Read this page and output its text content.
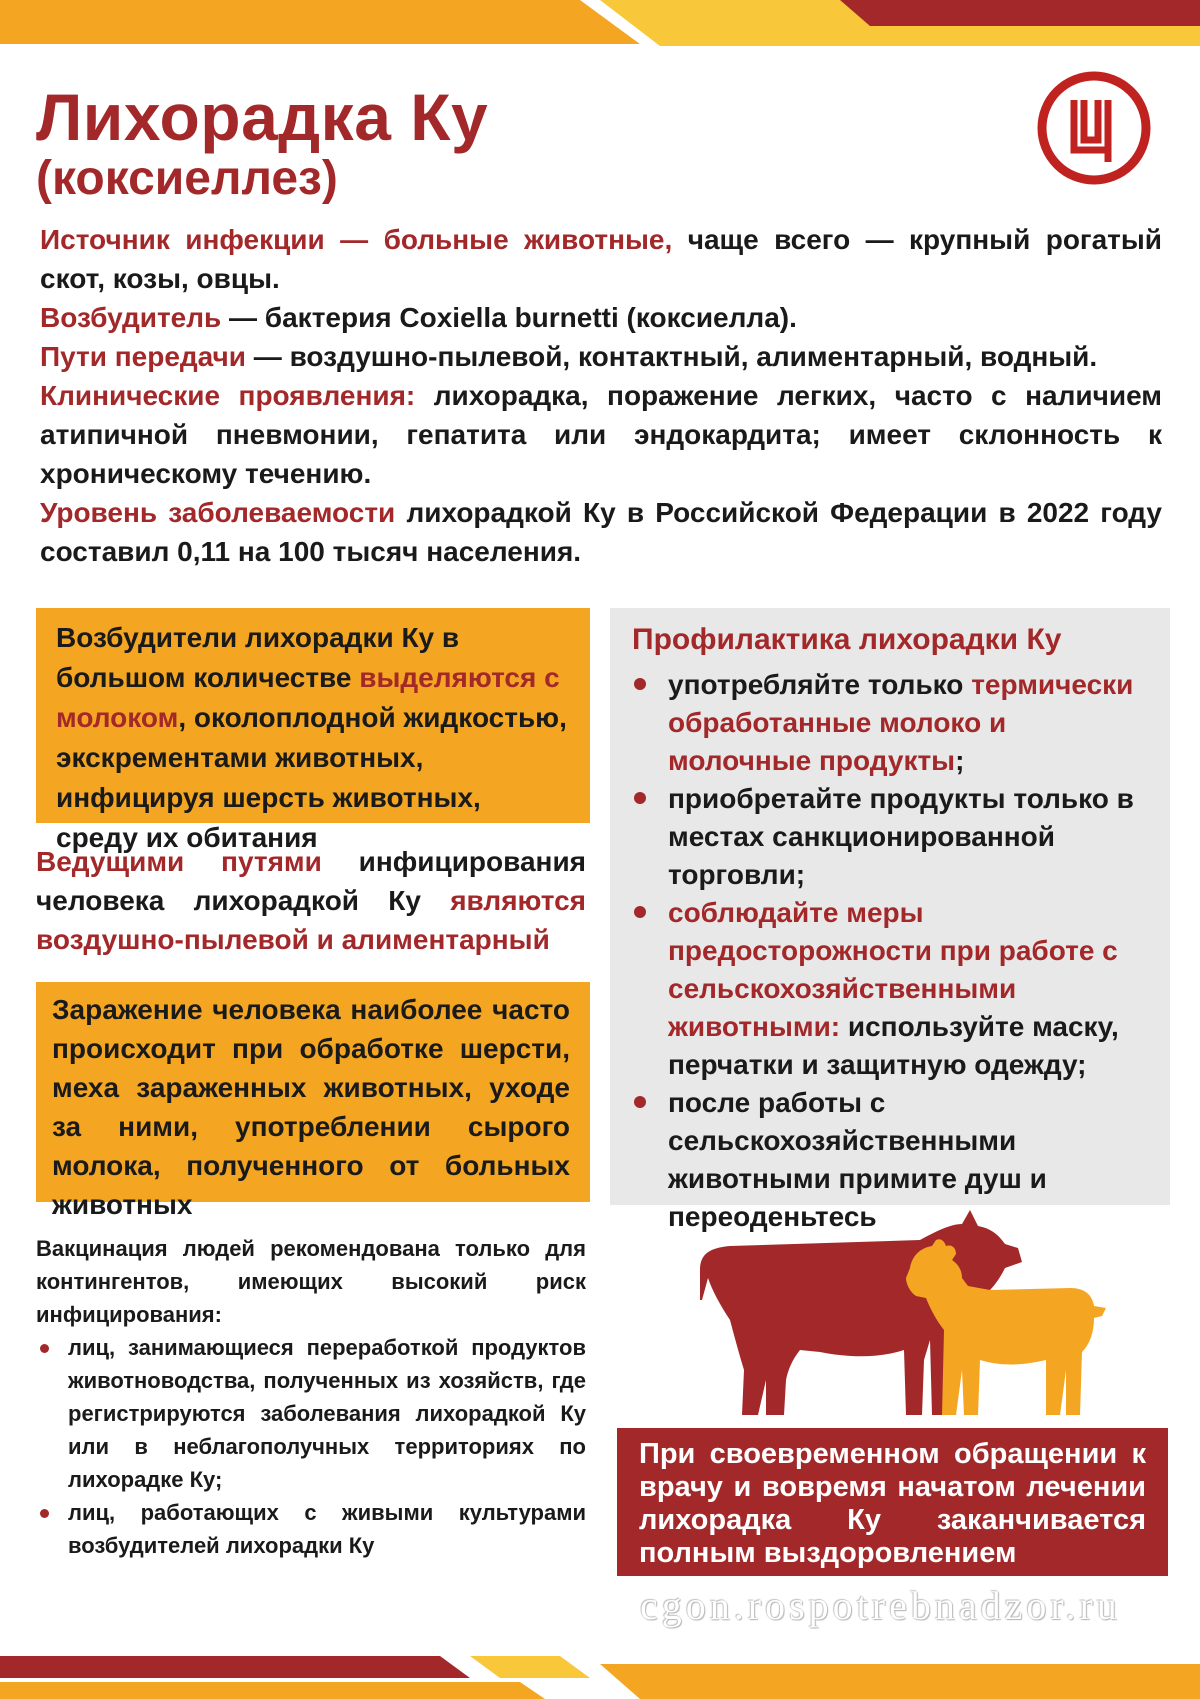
Лихорадка Ку
(коксиеллез)

Источник инфекции — больные животные, чаще всего — крупный рогатый скот, козы, овцы.

Возбудитель — бактерия Coxiella burnetti (коксиелла).

Пути передачи — воздушно-пылевой, контактный, алиментарный, водный.

Клинические проявления: лихорадка, поражение легких, часто с наличием атипичной пневмонии, гепатита или эндокардита; имеет склонность к хроническому течению.

Уровень заболеваемости лихорадкой Ку в Российской Федерации в 2022 году составил 0,11 на 100 тысяч населения.

Возбудители лихорадки Ку в большом количестве выделяются с молоком, околоплодной жидкостью, экскрементами животных, инфицируя шерсть животных, среду их обитания
Ведущими путями инфицирования человека лихорадкой Ку являются воздушно-пылевой и алиментарный
Заражение человека наиболее часто происходит при обработке шерсти, меха зараженных животных, уходе за ними, употреблении сырого молока, полученного от больных животных
Профилактика лихорадки Ку
употребляйте только термически обработанные молоко и молочные продукты;
приобретайте продукты только в местах санкционированной торговли;
соблюдайте меры предосторожности при работе с сельскохозяйственными животными: используйте маску, перчатки и защитную одежду;
после работы с сельскохозяйственными животными примите душ и переоденьтесь

Вакцинация людей рекомендована только для контингентов, имеющих высокий риск инфицирования:

лиц, занимающиеся переработкой продуктов животноводства, полученных из хозяйств, где регистрируются заболевания лихорадкой Ку или в неблагополучных территориях по лихорадке Ку;
лиц, работающих с живыми культурами возбудителей лихорадки Ку
При своевременном обращении к врачу и вовремя начатом лечении лихорадка Ку заканчивается полным выздоровлением
cgon.rospotrebnadzor.ru
